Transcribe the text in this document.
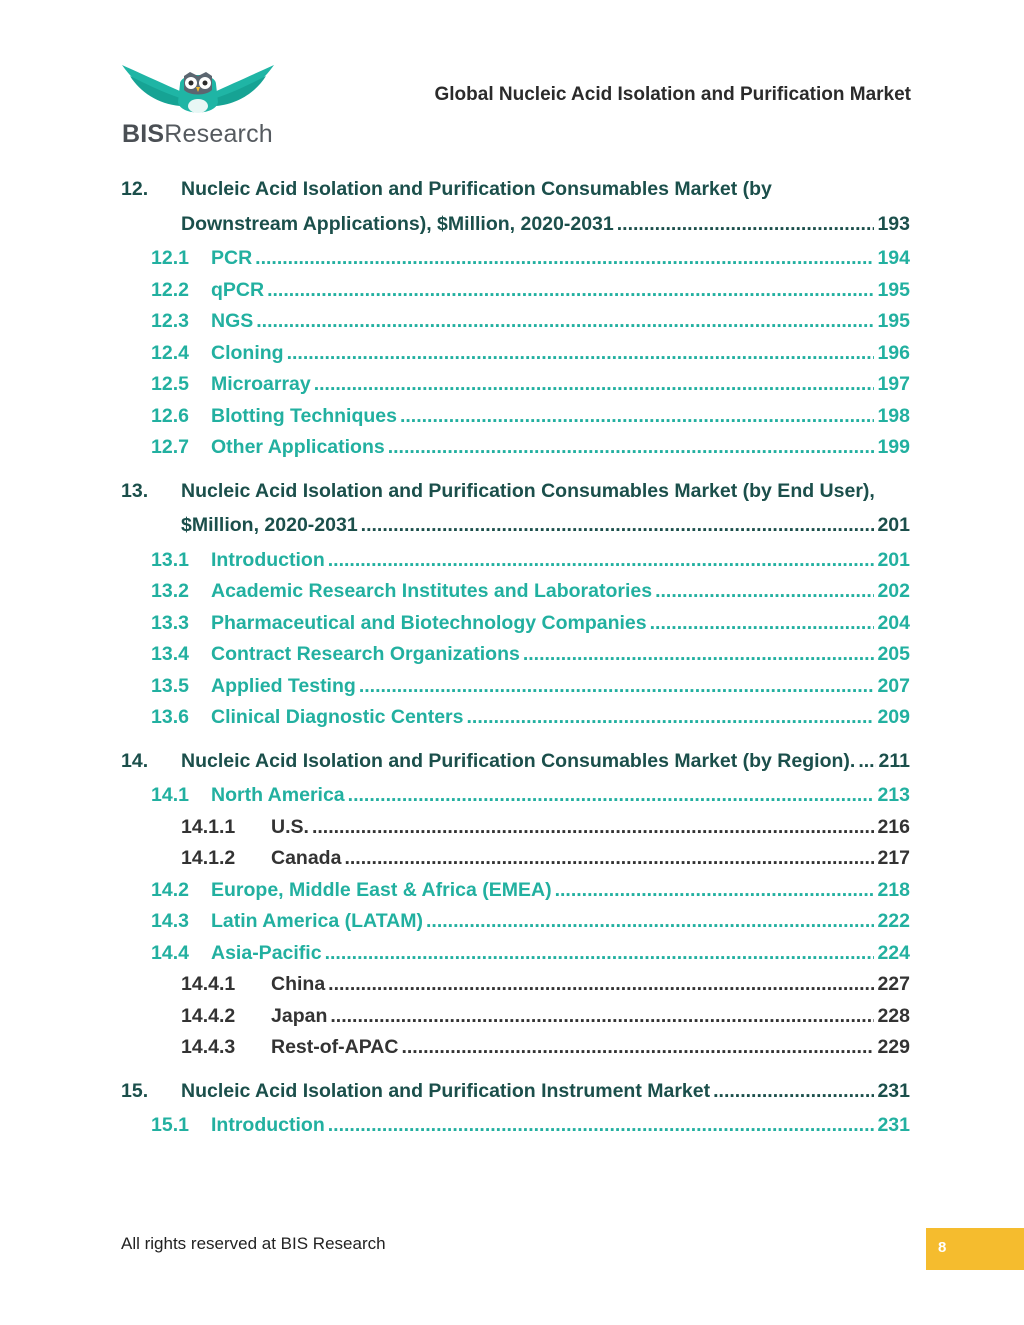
BISResearch
Global Nucleic Acid Isolation and Purification Market
12.	Nucleic Acid Isolation and Purification Consumables Market (by
Downstream Applications), $Million, 2020-2031 .....	193
12.1	PCR .....	194
12.2	qPCR .....	195
12.3	NGS .....	195
12.4	Cloning .....	196
12.5	Microarray .....	197
12.6	Blotting Techniques .....	198
12.7	Other Applications .....	199
13.	Nucleic Acid Isolation and Purification Consumables Market (by End User),
$Million, 2020-2031 .....	201
13.1	Introduction .....	201
13.2	Academic Research Institutes and Laboratories .....	202
13.3	Pharmaceutical and Biotechnology Companies .....	204
13.4	Contract Research Organizations .....	205
13.5	Applied Testing .....	207
13.6	Clinical Diagnostic Centers .....	209
14.	Nucleic Acid Isolation and Purification Consumables Market (by Region). ..... 211
14.1	North America .....	213
14.1.1	U.S. .....	216
14.1.2	Canada .....	217
14.2	Europe, Middle East & Africa (EMEA) .....	218
14.3	Latin America (LATAM) .....	222
14.4	Asia-Pacific .....	224
14.4.1	China .....	227
14.4.2	Japan .....	228
14.4.3	Rest-of-APAC .....	229
15.	Nucleic Acid Isolation and Purification Instrument Market .....	231
15.1	Introduction .....	231
All rights reserved at BIS Research	8
